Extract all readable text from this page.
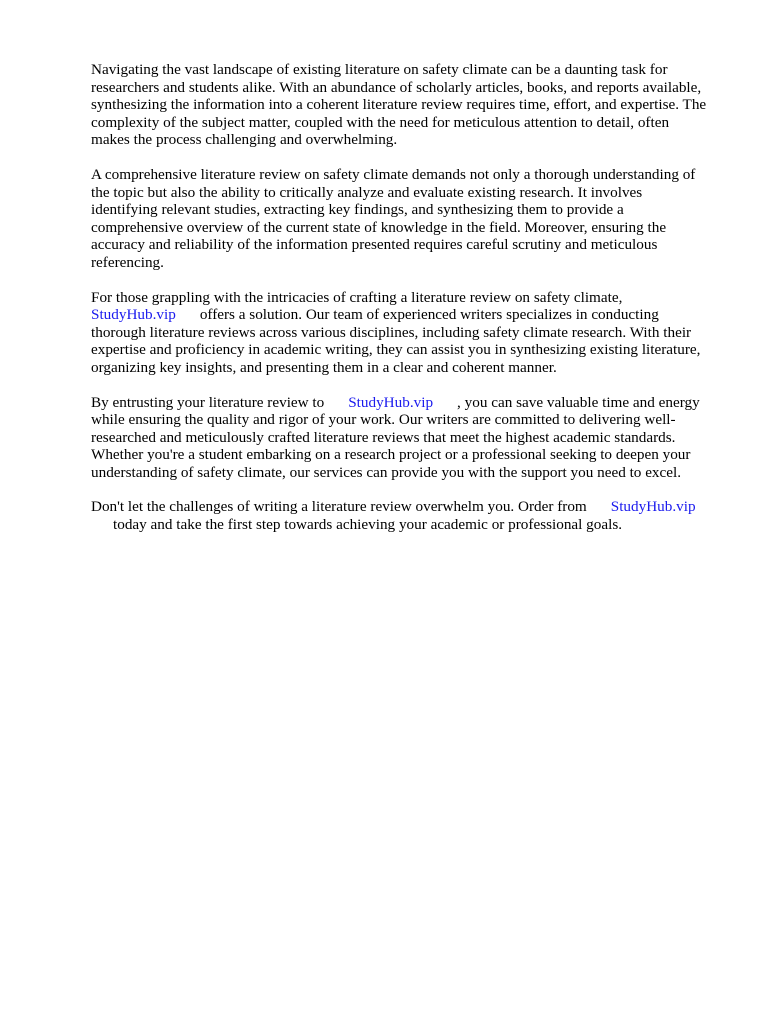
Navigating the vast landscape of existing literature on safety climate can be a daunting task for
researchers and students alike. With an abundance of scholarly articles, books, and reports available,
synthesizing the information into a coherent literature review requires time, effort, and expertise. The
complexity of the subject matter, coupled with the need for meticulous attention to detail, often
makes the process challenging and overwhelming.

A comprehensive literature review on safety climate demands not only a thorough understanding of
the topic but also the ability to critically analyze and evaluate existing research. It involves
identifying relevant studies, extracting key findings, and synthesizing them to provide a
comprehensive overview of the current state of knowledge in the field. Moreover, ensuring the
accuracy and reliability of the information presented requires careful scrutiny and meticulous
referencing.

For those grappling with the intricacies of crafting a literature review on safety climate,
StudyHub.vip offers a solution. Our team of experienced writers specializes in conducting
thorough literature reviews across various disciplines, including safety climate research. With their
expertise and proficiency in academic writing, they can assist you in synthesizing existing literature,
organizing key insights, and presenting them in a clear and coherent manner.

By entrusting your literature review to StudyHub.vip , you can save valuable time and energy
while ensuring the quality and rigor of your work. Our writers are committed to delivering well-
researched and meticulously crafted literature reviews that meet the highest academic standards.
Whether you're a student embarking on a research project or a professional seeking to deepen your
understanding of safety climate, our services can provide you with the support you need to excel.

Don't let the challenges of writing a literature review overwhelm you. Order from StudyHub.vip
today and take the first step towards achieving your academic or professional goals.
